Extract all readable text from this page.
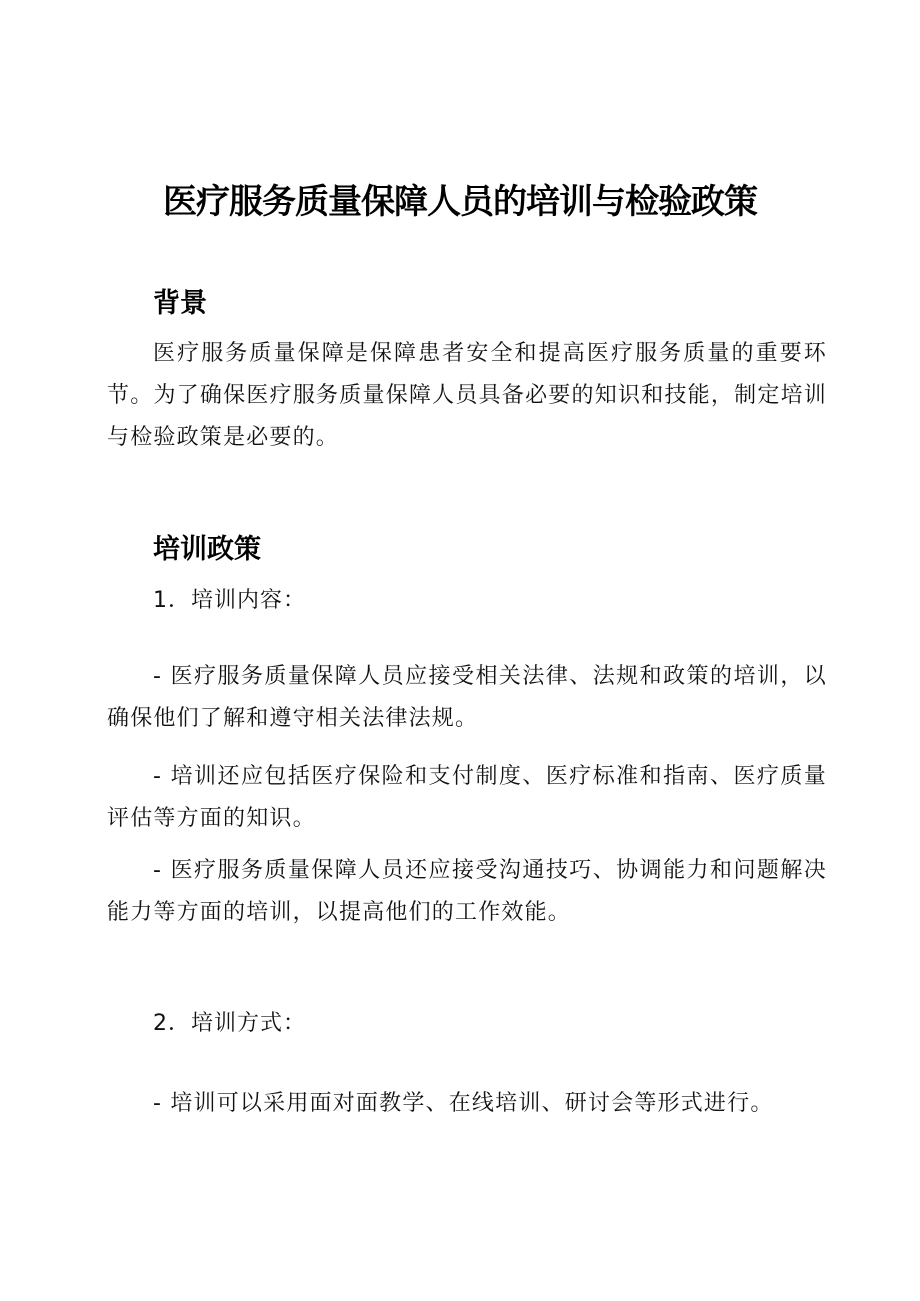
医疗服务质量保障人员的培训与检验政策
背景
医疗服务质量保障是保障患者安全和提高医疗服务质量的重要环节。为了确保医疗服务质量保障人员具备必要的知识和技能，制定培训与检验政策是必要的。
培训政策
1．培训内容：
- 医疗服务质量保障人员应接受相关法律、法规和政策的培训，以确保他们了解和遵守相关法律法规。
- 培训还应包括医疗保险和支付制度、医疗标准和指南、医疗质量评估等方面的知识。
- 医疗服务质量保障人员还应接受沟通技巧、协调能力和问题解决能力等方面的培训，以提高他们的工作效能。
2．培训方式：
- 培训可以采用面对面教学、在线培训、研讨会等形式进行。
